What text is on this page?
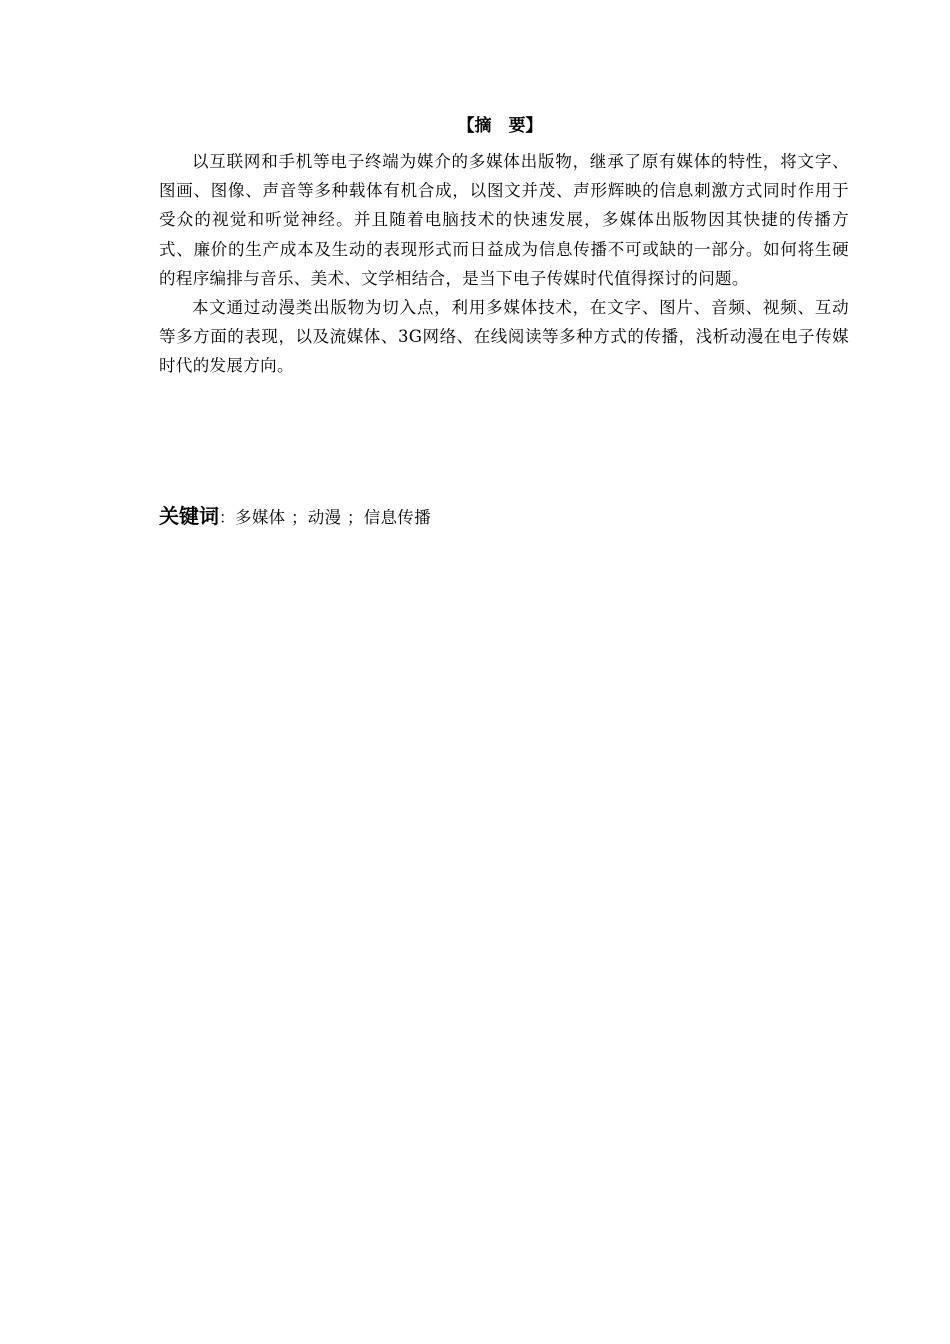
【摘 要】

以互联网和手机等电子终端为媒介的多媒体出版物，继承了原有媒体的特性，将文字、图画、图像、声音等多种载体有机合成，以图文并茂、声形辉映的信息刺激方式同时作用于受众的视觉和听觉神经。并且随着电脑技术的快速发展，多媒体出版物因其快捷的传播方式、廉价的生产成本及生动的表现形式而日益成为信息传播不可或缺的一部分。如何将生硬的程序编排与音乐、美术、文学相结合，是当下电子传媒时代值得探讨的问题。

本文通过动漫类出版物为切入点，利用多媒体技术，在文字、图片、音频、视频、互动等多方面的表现，以及流媒体、3G网络、在线阅读等多种方式的传播，浅析动漫在电子传媒时代的发展方向。

关键词：多媒体 ；动漫 ；信息传播
